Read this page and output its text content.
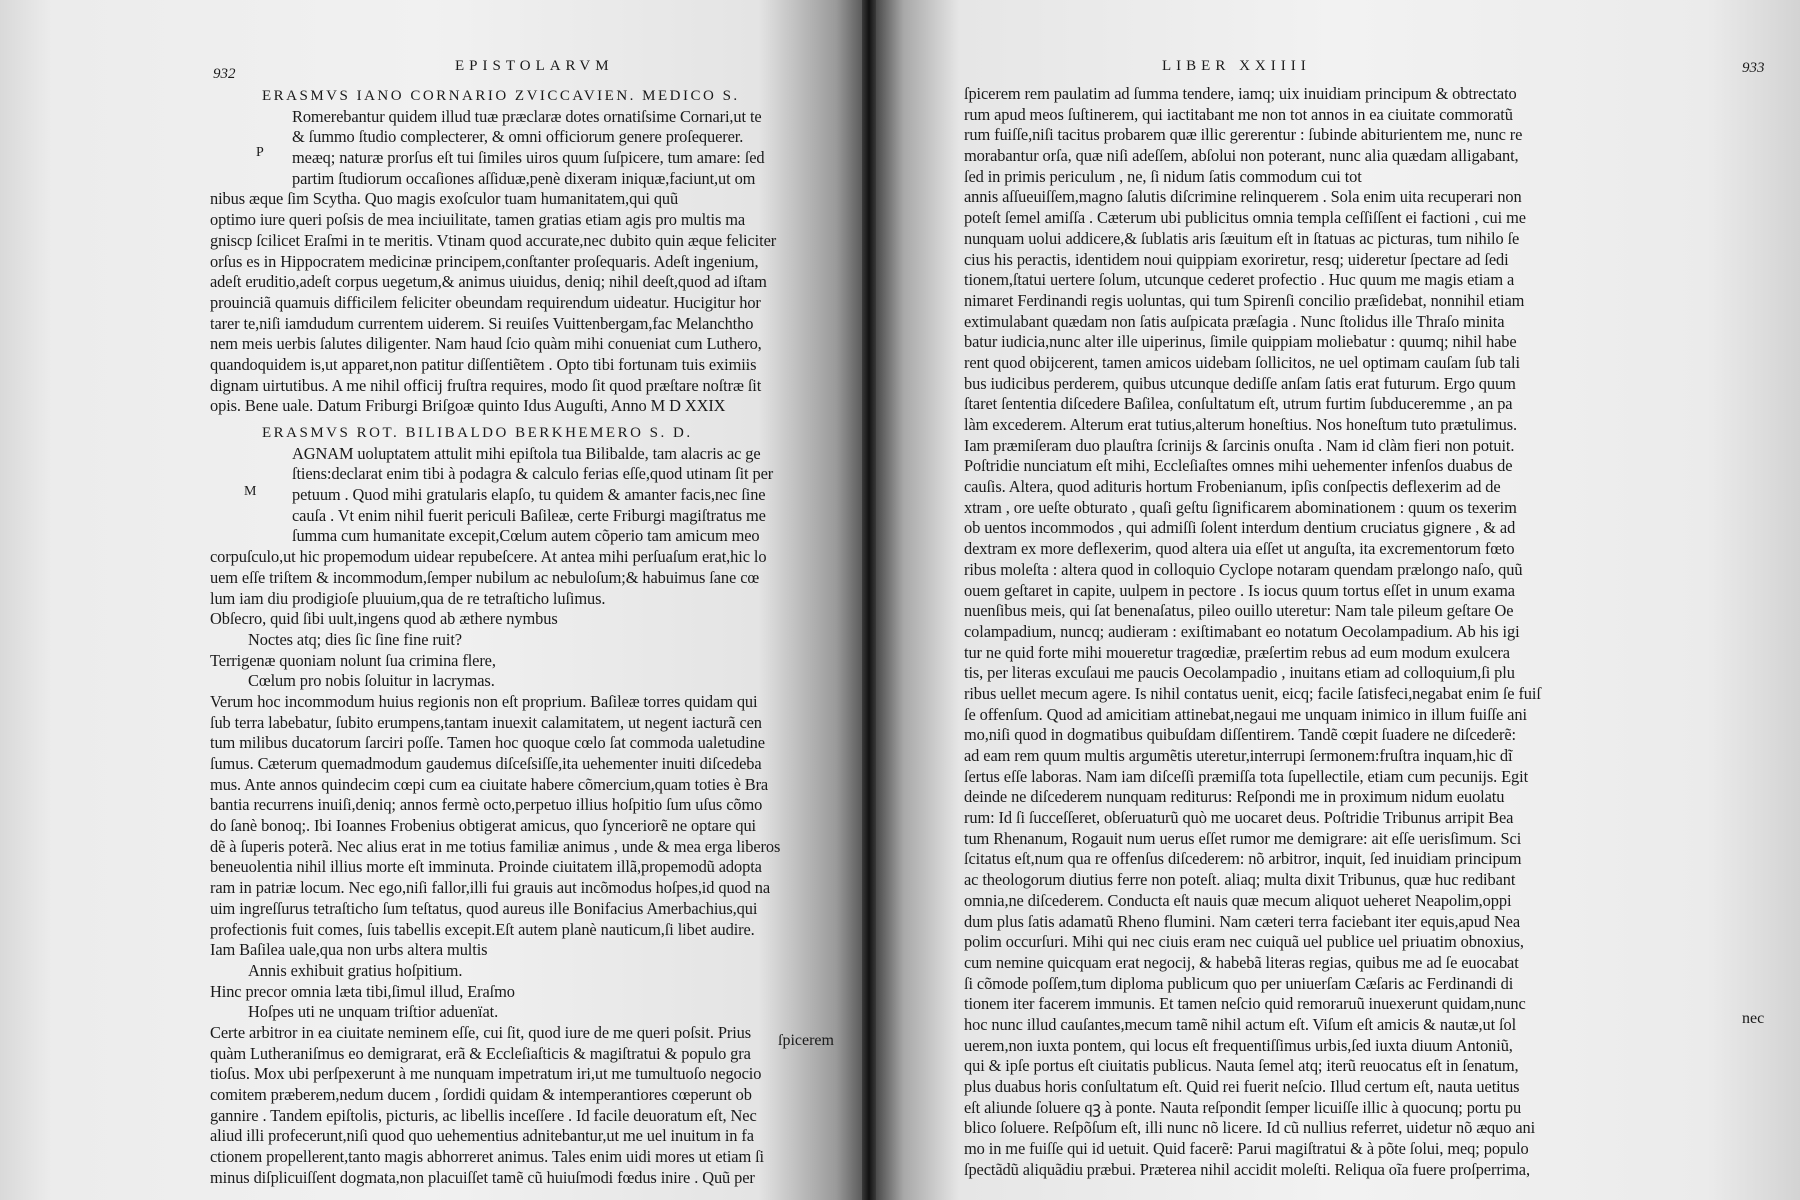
932	EPISTOLARVM
ERASMVS IANO CORNARIO ZVICCAVIEN. MEDICO S.
P
Romerebantur quidem illud tuæ præclaræ dotes ornatiſsime Cornari,ut te
& ſummo ſtudio complecterer, & omni officiorum genere proſequerer.
meæq; naturæ prorſus eſt tui ſimiles uiros quum ſuſpicere, tum amare: ſed
partim ſtudiorum occaſiones aſſiduæ,penè dixeram iniquæ,faciunt,ut om
nibus æque ſim Scytha. Quo magis exoſculor tuam humanitatem,qui quũ
optimo iure queri poſsis de mea inciuilitate, tamen gratias etiam agis pro multis ma
gniscp ſcilicet Eraſmi in te meritis. Vtinam quod accurate,nec dubito quin æque feliciter
orſus es in Hippocratem medicinæ principem,conſtanter proſequaris. Adeſt ingenium,
adeſt eruditio,adeſt corpus uegetum,& animus uiuidus, deniq; nihil deeſt,quod ad iſtam
prouinciã quamuis difficilem feliciter obeundam requirendum uideatur. Hucigitur hor
tarer te,niſi iamdudum currentem uiderem. Si reuiſes Vuittenbergam,fac Melanchtho
nem meis uerbis ſalutes diligenter. Nam haud ſcio quàm mihi conueniat cum Luthero,
quandoquidem is,ut apparet,non patitur diſſentiẽtem . Opto tibi fortunam tuis eximiis
dignam uirtutibus. A me nihil officij fruſtra requires, modo ſit quod præſtare noſtræ ſit
opis. Bene uale. Datum Friburgi Briſgoæ quinto Idus Auguſti, Anno M D XXIX
ERASMVS ROT. BILIBALDO BERKHEMERO S. D.
M
AGNAM uoluptatem attulit mihi epiſtola tua Bilibalde, tam alacris ac ge
ſtiens:declarat enim tibi à podagra & calculo ferias eſſe,quod utinam ſit per
petuum . Quod mihi gratularis elapſo, tu quidem & amanter facis,nec ſine
cauſa . Vt enim nihil fuerit periculi Baſileæ, certe Friburgi magiſtratus me
ſumma cum humanitate excepit,Cœlum autem cõperio tam amicum meo
corpuſculo,ut hic propemodum uidear repubeſcere. At antea mihi perſuaſum erat,hic lo
uem eſſe triſtem & incommodum,ſemper nubilum ac nebuloſum;& habuimus ſane cœ
lum iam diu prodigioſe pluuium,qua de re tetraſticho luſimus.
Obſecro, quid ſibi uult,ingens quod ab æthere nymbus
Noctes atq; dies ſic ſine fine ruit?
Terrigenæ quoniam nolunt ſua crimina flere,
Cœlum pro nobis ſoluitur in lacrymas.
Verum hoc incommodum huius regionis non eſt proprium. Baſileæ torres quidam qui
ſub terra labebatur, ſubito erumpens,tantam inuexit calamitatem, ut negent iacturã cen
tum milibus ducatorum ſarciri poſſe. Tamen hoc quoque cœlo ſat commoda ualetudine
ſumus. Cæterum quemadmodum gaudemus diſceſsiſſe,ita uehementer inuiti diſcedeba
mus. Ante annos quindecim cœpi cum ea ciuitate habere cõmercium,quam toties è Bra
bantia recurrens inuiſi,deniq; annos fermè octo,perpetuo illius hoſpitio ſum uſus cõmo
do ſanè bonoq;. Ibi Ioannes Frobenius obtigerat amicus, quo ſynceriorẽ ne optare qui
dẽ à ſuperis poterã. Nec alius erat in me totius familiæ animus , unde & mea erga liberos
beneuolentia nihil illius morte eſt imminuta. Proinde ciuitatem illã,propemodũ adopta
ram in patriæ locum. Nec ego,niſi fallor,illi fui grauis aut incõmodus hoſpes,id quod na
uim ingreſſurus tetraſticho ſum teſtatus, quod aureus ille Bonifacius Amerbachius,qui
profectionis fuit comes, ſuis tabellis excepit.Eſt autem planè nauticum,ſi libet audire.
Iam Baſilea uale,qua non urbs altera multis
Annis exhibuit gratius hoſpitium.
Hinc precor omnia læta tibi,ſimul illud, Eraſmo
Hoſpes uti ne unquam triſtior aduenïat.
Certe arbitror in ea ciuitate neminem eſſe, cui ſit, quod iure de me queri poſsit. Prius
quàm Lutheraniſmus eo demigrarat, erã & Eccleſiaſticis & magiſtratui & populo gra
tioſus. Mox ubi perſpexerunt à me nunquam impetratum iri,ut me tumultuoſo negocio
comitem præberem,nedum ducem , ſordidi quidam & intemperantiores cœperunt ob
gannire . Tandem epiſtolis, picturis, ac libellis inceſſere . Id facile deuoratum eſt, Nec
aliud illi profecerunt,niſi quod quo uehementius adnitebantur,ut me uel inuitum in fa
ctionem propellerent,tanto magis abhorreret animus. Tales enim uidi mores ut etiam ſi
minus diſplicuiſſent dogmata,non placuiſſet tamẽ cũ huiuſmodi fœdus inire . Quũ per
ſpicerem
LIBER XXIIII	933
ſpicerem rem paulatim ad ſumma tendere, iamq; uix inuidiam principum & obtrectato
rum apud meos ſuſtinerem, qui iactitabant me non tot annos in ea ciuitate commoratũ
rum fuiſſe,niſi tacitus probarem quæ illic gererentur : ſubinde abiturientem me, nunc re
morabantur orſa, quæ niſi adeſſem, abſolui non poterant, nunc alia quædam alligabant,
ſed in primis periculum , ne, ſi nidum ſatis commodum cui tot
annis aſſueuiſſem,magno ſalutis diſcrimine relinquerem . Sola enim uita recuperari non
poteſt ſemel amiſſa . Cæterum ubi publicitus omnia templa ceſſiſſent ei factioni , cui me
nunquam uolui addicere,& ſublatis aris ſæuitum eſt in ſtatuas ac picturas, tum nihilo ſe
cius his peractis, identidem noui quippiam exoriretur, resq; uideretur ſpectare ad ſedi
tionem,ſtatui uertere ſolum, utcunque cederet profectio . Huc quum me magis etiam a
nimaret Ferdinandi regis uoluntas, qui tum Spirenſi concilio præſidebat, nonnihil etiam
extimulabant quædam non ſatis auſpicata præſagia . Nunc ſtolidus ille Thraſo minita
batur iudicia,nunc alter ille uiperinus, ſimile quippiam moliebatur : quumq; nihil habe
rent quod obijcerent, tamen amicos uidebam ſollicitos, ne uel optimam cauſam ſub tali
bus iudicibus perderem, quibus utcunque dediſſe anſam ſatis erat futurum. Ergo quum
ſtaret ſententia diſcedere Baſilea, conſultatum eſt, utrum furtim ſubduceremme , an pa
làm excederem. Alterum erat tutius,alterum honeſtius. Nos honeſtum tuto prætulimus.
Iam præmiſeram duo plauſtra ſcrinijs & ſarcinis onuſta . Nam id clàm fieri non potuit.
Poſtridie nunciatum eſt mihi, Eccleſiaſtes omnes mihi uehementer infenſos duabus de
cauſis. Altera, quod adituris hortum Frobenianum, ipſis conſpectis deflexerim ad de
xtram , ore ueſte obturato , quaſi geſtu ſignificarem abominationem : quum os texerim
ob uentos incommodos , qui admiſſi ſolent interdum dentium cruciatus gignere , & ad
dextram ex more deflexerim, quod altera uia eſſet ut anguſta, ita excrementorum fœto
ribus moleſta : altera quod in colloquio Cyclope notaram quendam prælongo naſo, quũ
ouem geſtaret in capite, uulpem in pectore . Is iocus quum tortus eſſet in unum exama
nuenſibus meis, qui ſat benenaſatus, pileo ouillo uteretur: Nam tale pileum geſtare Oe
colampadium, nuncq; audieram : exiſtimabant eo notatum Oecolampadium. Ab his igi
tur ne quid forte mihi moueretur tragœdiæ, præſertim rebus ad eum modum exulcera
tis, per literas excuſaui me paucis Oecolampadio , inuitans etiam ad colloquium,ſi plu
ribus uellet mecum agere. Is nihil contatus uenit, eicq; facile ſatisfeci,negabat enim ſe fuiſ
ſe offenſum. Quod ad amicitiam attinebat,negaui me unquam inimico in illum fuiſſe ani
mo,niſi quod in dogmatibus quibuſdam diſſentirem. Tandẽ cœpit ſuadere ne diſcederẽ:
ad eam rem quum multis argumẽtis uteretur,interrupi ſermonem:fruſtra inquam,hic dĩ
ſertus eſſe laboras. Nam iam diſceſſi præmiſſa tota ſupellectile, etiam cum pecunijs. Egit
deinde ne diſcederem nunquam rediturus: Reſpondi me in proximum nidum euolatu
rum: Id ſi ſucceſſeret, obſeruaturũ quò me uocaret deus. Poſtridie Tribunus arripit Bea
tum Rhenanum, Rogauit num uerus eſſet rumor me demigrare: ait eſſe uerisſimum. Sci
ſcitatus eſt,num qua re offenſus diſcederem: nõ arbitror, inquit, ſed inuidiam principum
ac theologorum diutius ferre non poteſt. aliaq; multa dixit Tribunus, quæ huc redibant
omnia,ne diſcederem. Conducta eſt nauis quæ mecum aliquot ueheret Neapolim,oppi
dum plus ſatis adamatũ Rheno flumini. Nam cæteri terra faciebant iter equis,apud Nea
polim occurſuri. Mihi qui nec ciuis eram nec cuiquã uel publice uel priuatim obnoxius,
cum nemine quicquam erat negocij, & habebã literas regias, quibus me ad ſe euocabat
ſi cõmode poſſem,tum diploma publicum quo per uniuerſam Cæſaris ac Ferdinandi di
tionem iter facerem immunis. Et tamen neſcio quid remoraruũ inuexerunt quidam,nunc
hoc nunc illud cauſantes,mecum tamẽ nihil actum eſt. Viſum eſt amicis & nautæ,ut ſol
uerem,non iuxta pontem, qui locus eſt frequentiſſimus urbis,ſed iuxta diuum Antoniũ,
qui & ipſe portus eſt ciuitatis publicus. Nauta ſemel atq; iterũ reuocatus eſt in ſenatum,
plus duabus horis conſultatum eſt. Quid rei fuerit neſcio. Illud certum eſt, nauta uetitus
eſt aliunde ſoluere qꝫ à ponte. Nauta reſpondit ſemper licuiſſe illic à quocunq; portu pu
blico ſoluere. Reſpõſum eſt, illi nunc nõ licere. Id cũ nullius referret, uidetur nõ æquo ani
mo in me fuiſſe qui id uetuit. Quid facerẽ: Parui magiſtratui & à põte ſolui, meq; populo
ſpectãdũ aliquãdiu præbui. Præterea nihil accidit moleſti. Reliqua oĩa fuere proſperrima,
nec
